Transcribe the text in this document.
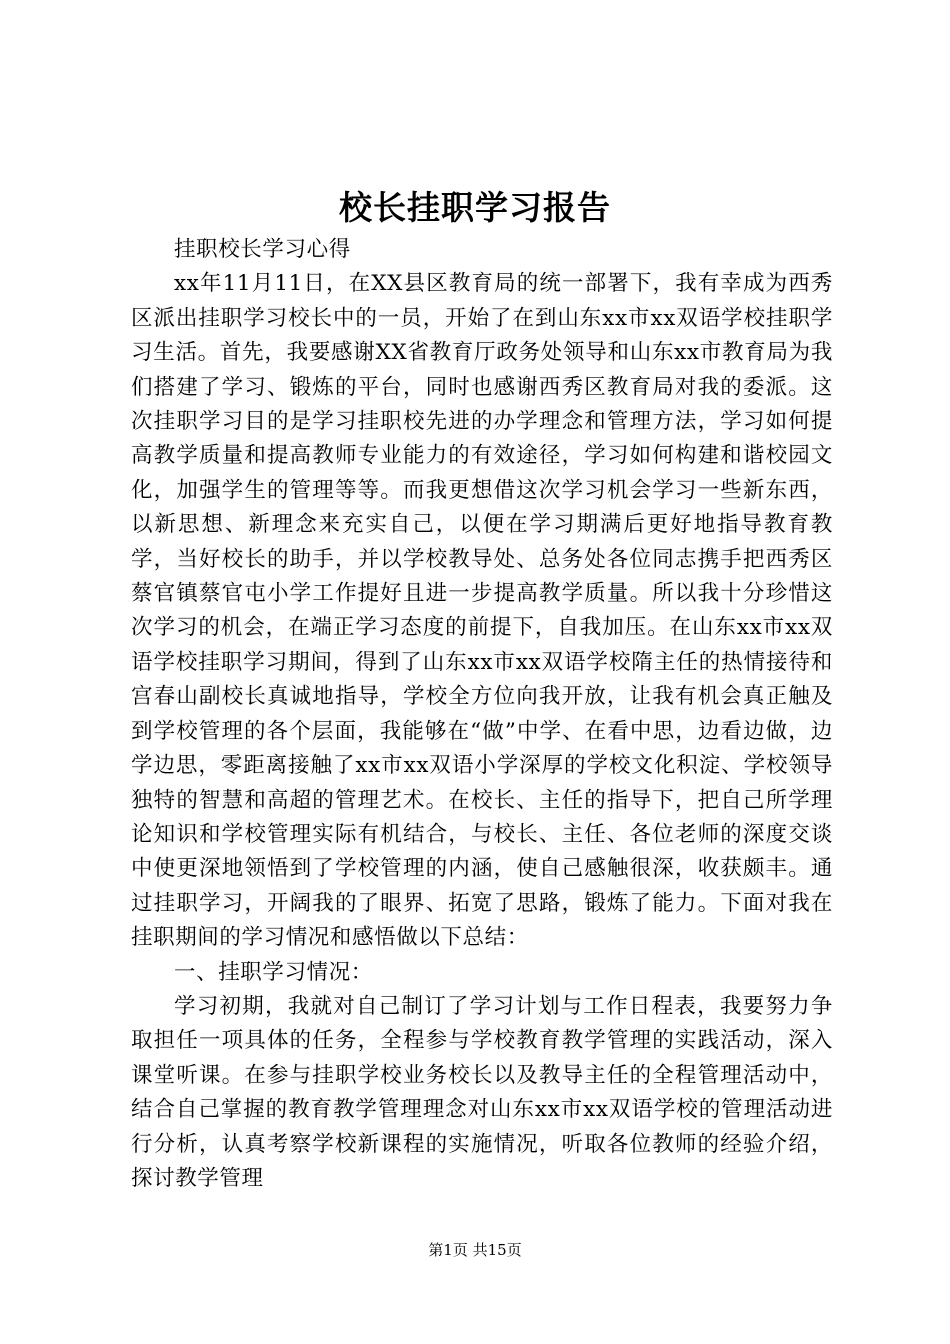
校长挂职学习报告

挂职校长学习心得

xx年11月11日，在XX县区教育局的统一部署下，我有幸成为西秀区派出挂职学习校长中的一员，开始了在到山东xx市xx双语学校挂职学习生活。首先，我要感谢XX省教育厅政务处领导和山东xx市教育局为我们搭建了学习、锻炼的平台，同时也感谢西秀区教育局对我的委派。这次挂职学习目的是学习挂职校先进的办学理念和管理方法，学习如何提高教学质量和提高教师专业能力的有效途径，学习如何构建和谐校园文化，加强学生的管理等等。而我更想借这次学习机会学习一些新东西，以新思想、新理念来充实自己，以便在学习期满后更好地指导教育教学，当好校长的助手，并以学校教导处、总务处各位同志携手把西秀区蔡官镇蔡官屯小学工作提好且进一步提高教学质量。所以我十分珍惜这次学习的机会，在端正学习态度的前提下，自我加压。在山东xx市xx双语学校挂职学习期间，得到了山东xx市xx双语学校隋主任的热情接待和宫春山副校长真诚地指导，学校全方位向我开放，让我有机会真正触及到学校管理的各个层面，我能够在“做”中学、在看中思，边看边做，边学边思，零距离接触了xx市xx双语小学深厚的学校文化积淀、学校领导独特的智慧和高超的管理艺术。在校长、主任的指导下，把自己所学理论知识和学校管理实际有机结合，与校长、主任、各位老师的深度交谈中使更深地领悟到了学校管理的内涵，使自己感触很深，收获颇丰。通过挂职学习，开阔我的了眼界、拓宽了思路，锻炼了能力。下面对我在挂职期间的学习情况和感悟做以下总结：

一、挂职学习情况：

学习初期，我就对自己制订了学习计划与工作日程表，我要努力争取担任一项具体的任务，全程参与学校教育教学管理的实践活动，深入课堂听课。在参与挂职学校业务校长以及教导主任的全程管理活动中，结合自己掌握的教育教学管理理念对山东xx市xx双语学校的管理活动进行分析，认真考察学校新课程的实施情况，听取各位教师的经验介绍，探讨教学管理

第1页 共15页
